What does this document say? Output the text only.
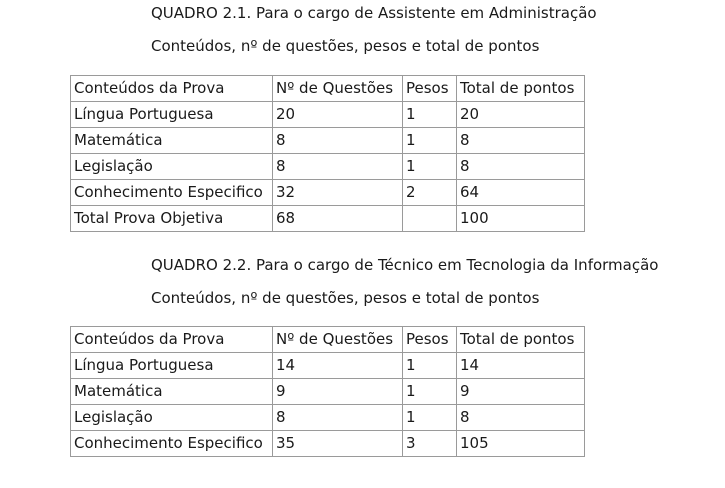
QUADRO 2.1. Para o cargo de Assistente em Administração
Conteúdos, nº de questões, pesos e total de pontos
Conteúdos da Prova	Nº de Questões	Pesos	Total de pontos
Língua Portuguesa	20	1	20
Matemática	8	1	8
Legislação	8	1	8
Conhecimento Especifico	32	2	64
Total Prova Objetiva	68		100
QUADRO 2.2. Para o cargo de Técnico em Tecnologia da Informação
Conteúdos, nº de questões, pesos e total de pontos
Conteúdos da Prova	Nº de Questões	Pesos	Total de pontos
Língua Portuguesa	14	1	14
Matemática	9	1	9
Legislação	8	1	8
Conhecimento Especifico	35	3	105
